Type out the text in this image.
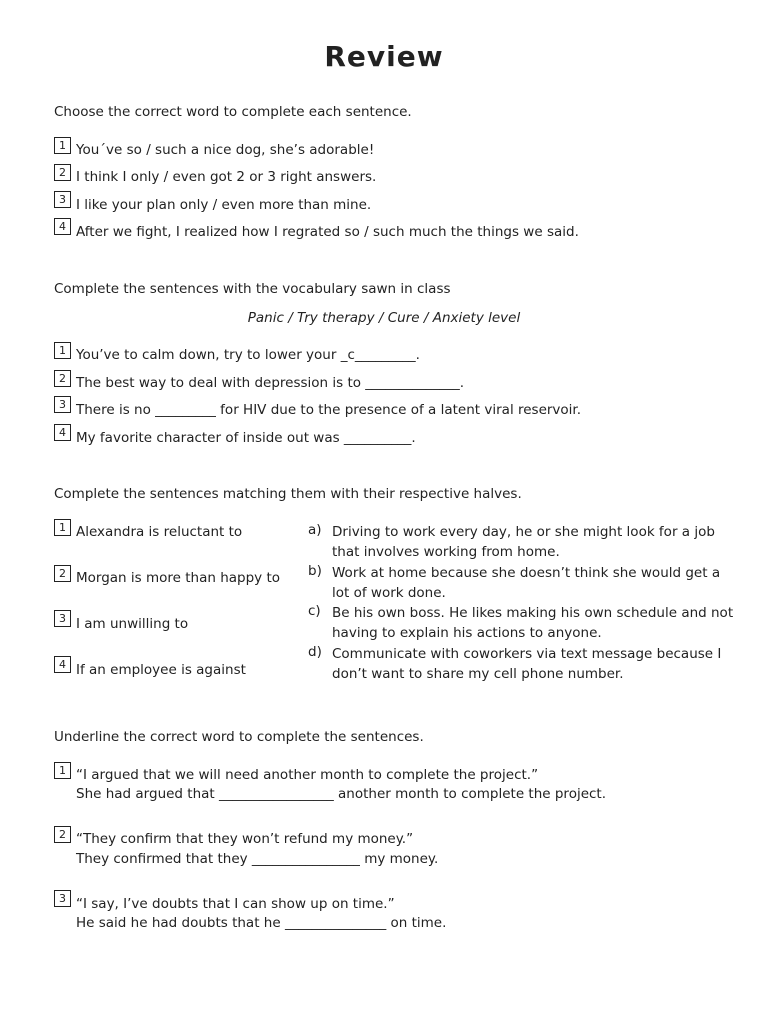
Review
Choose the correct word to complete each sentence.
1 You´ve so / such a nice dog, she’s adorable!
2 I think I only / even got 2 or 3 right answers.
3 I like your plan only / even more than mine.
4 After we fight, I realized how I regrated so / such much the things we said.
Complete the sentences with the vocabulary sawn in class
Panic / Try therapy / Cure / Anxiety level
1 You’ve to calm down, try to lower your _c_________.
2 The best way to deal with depression is to ______________.
3 There is no _________ for HIV due to the presence of a latent viral reservoir.
4 My favorite character of inside out was __________.
Complete the sentences matching them with their respective halves.
1 Alexandra is reluctant to
2 Morgan is more than happy to
3 I am unwilling to
4 If an employee is against
a) Driving to work every day, he or she might look for a job that involves working from home.
b) Work at home because she doesn’t think she would get a lot of work done.
c) Be his own boss. He likes making his own schedule and not having to explain his actions to anyone.
d) Communicate with coworkers via text message because I don’t want to share my cell phone number.
Underline the correct word to complete the sentences.
1 “I argued that we will need another month to complete the project.”
She had argued that _________________ another month to complete the project.
2 “They confirm that they won’t refund my money.”
They confirmed that they ________________ my money.
3 “I say, I’ve doubts that I can show up on time.”
He said he had doubts that he _______________ on time.
